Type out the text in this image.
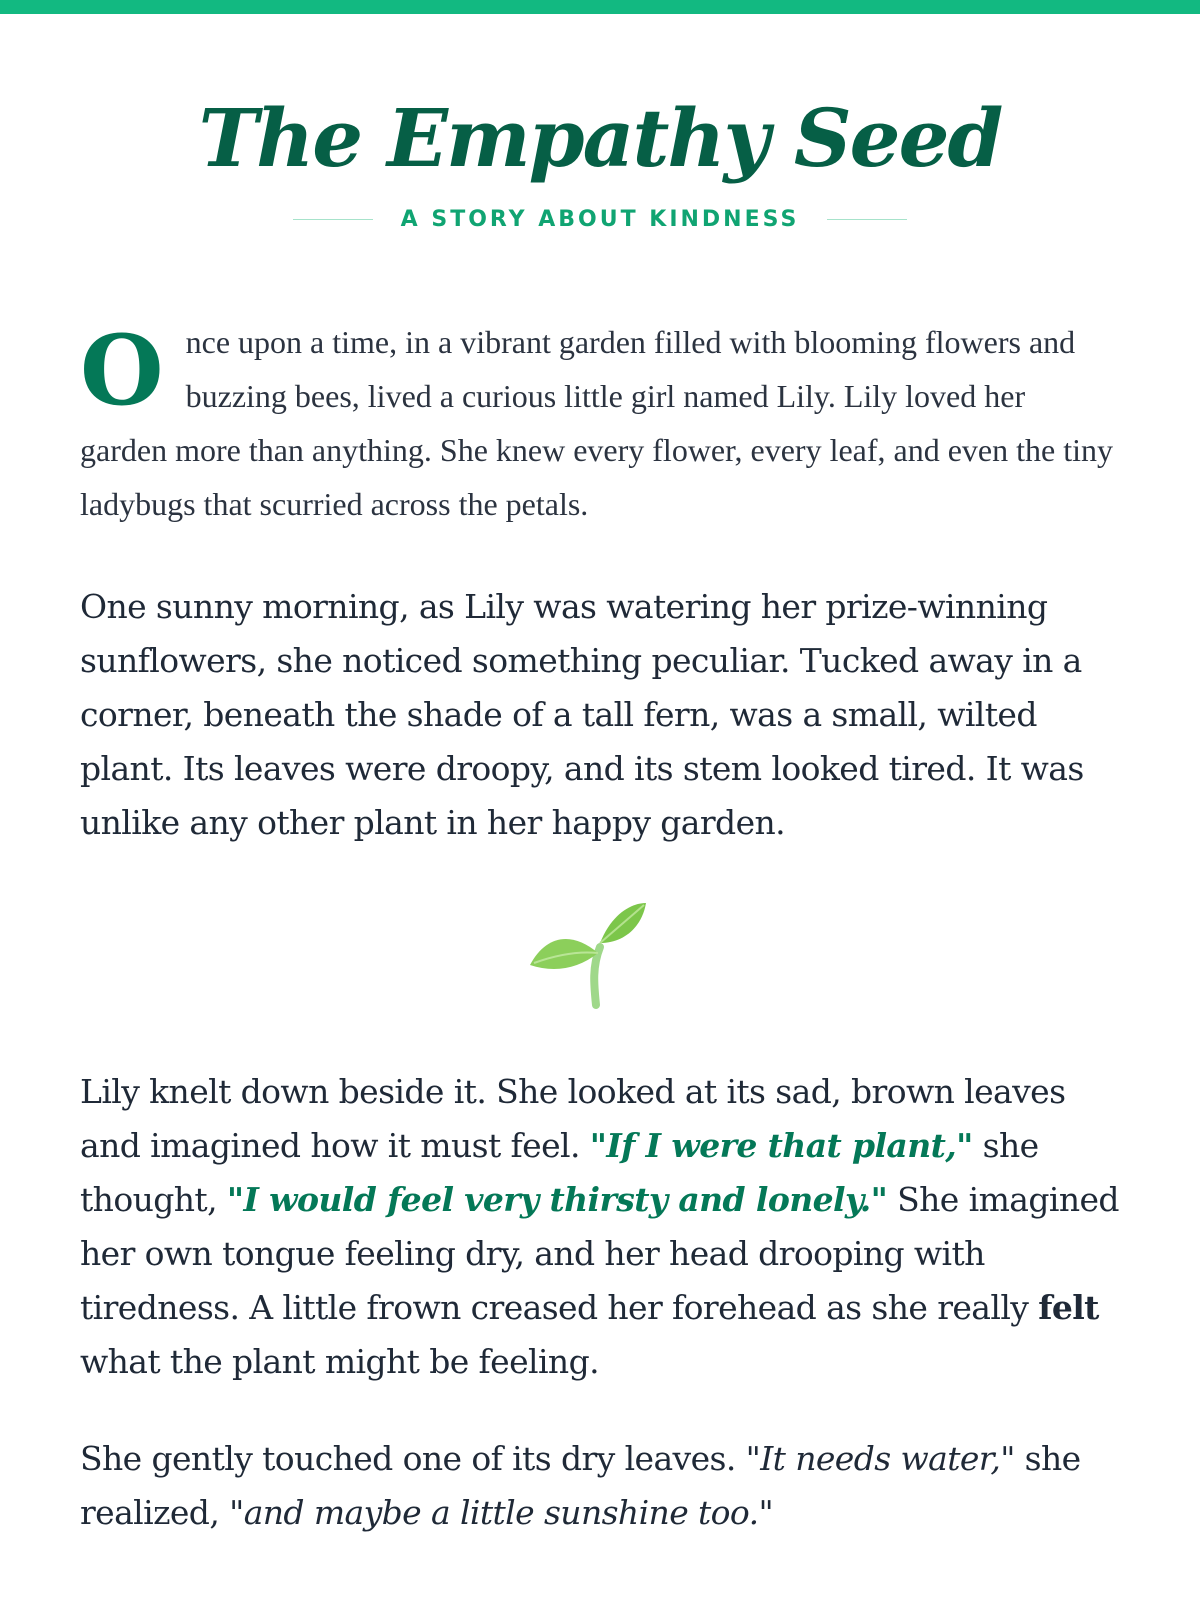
The Empathy Seed
A STORY ABOUT KINDNESS

Once upon a time, in a vibrant garden filled with blooming flowers and buzzing bees, lived a curious little girl named Lily. Lily loved her garden more than anything. She knew every flower, every leaf, and even the tiny ladybugs that scurried across the petals.

One sunny morning, as Lily was watering her prize-winning sunflowers, she noticed something peculiar. Tucked away in a corner, beneath the shade of a tall fern, was a small, wilted plant. Its leaves were droopy, and its stem looked tired. It was unlike any other plant in her happy garden.

Lily knelt down beside it. She looked at its sad, brown leaves and imagined how it must feel. "If I were that plant," she thought, "I would feel very thirsty and lonely." She imagined her own tongue feeling dry, and her head drooping with tiredness. A little frown creased her forehead as she really felt what the plant might be feeling.

She gently touched one of its dry leaves. "It needs water," she realized, "and maybe a little sunshine too."
